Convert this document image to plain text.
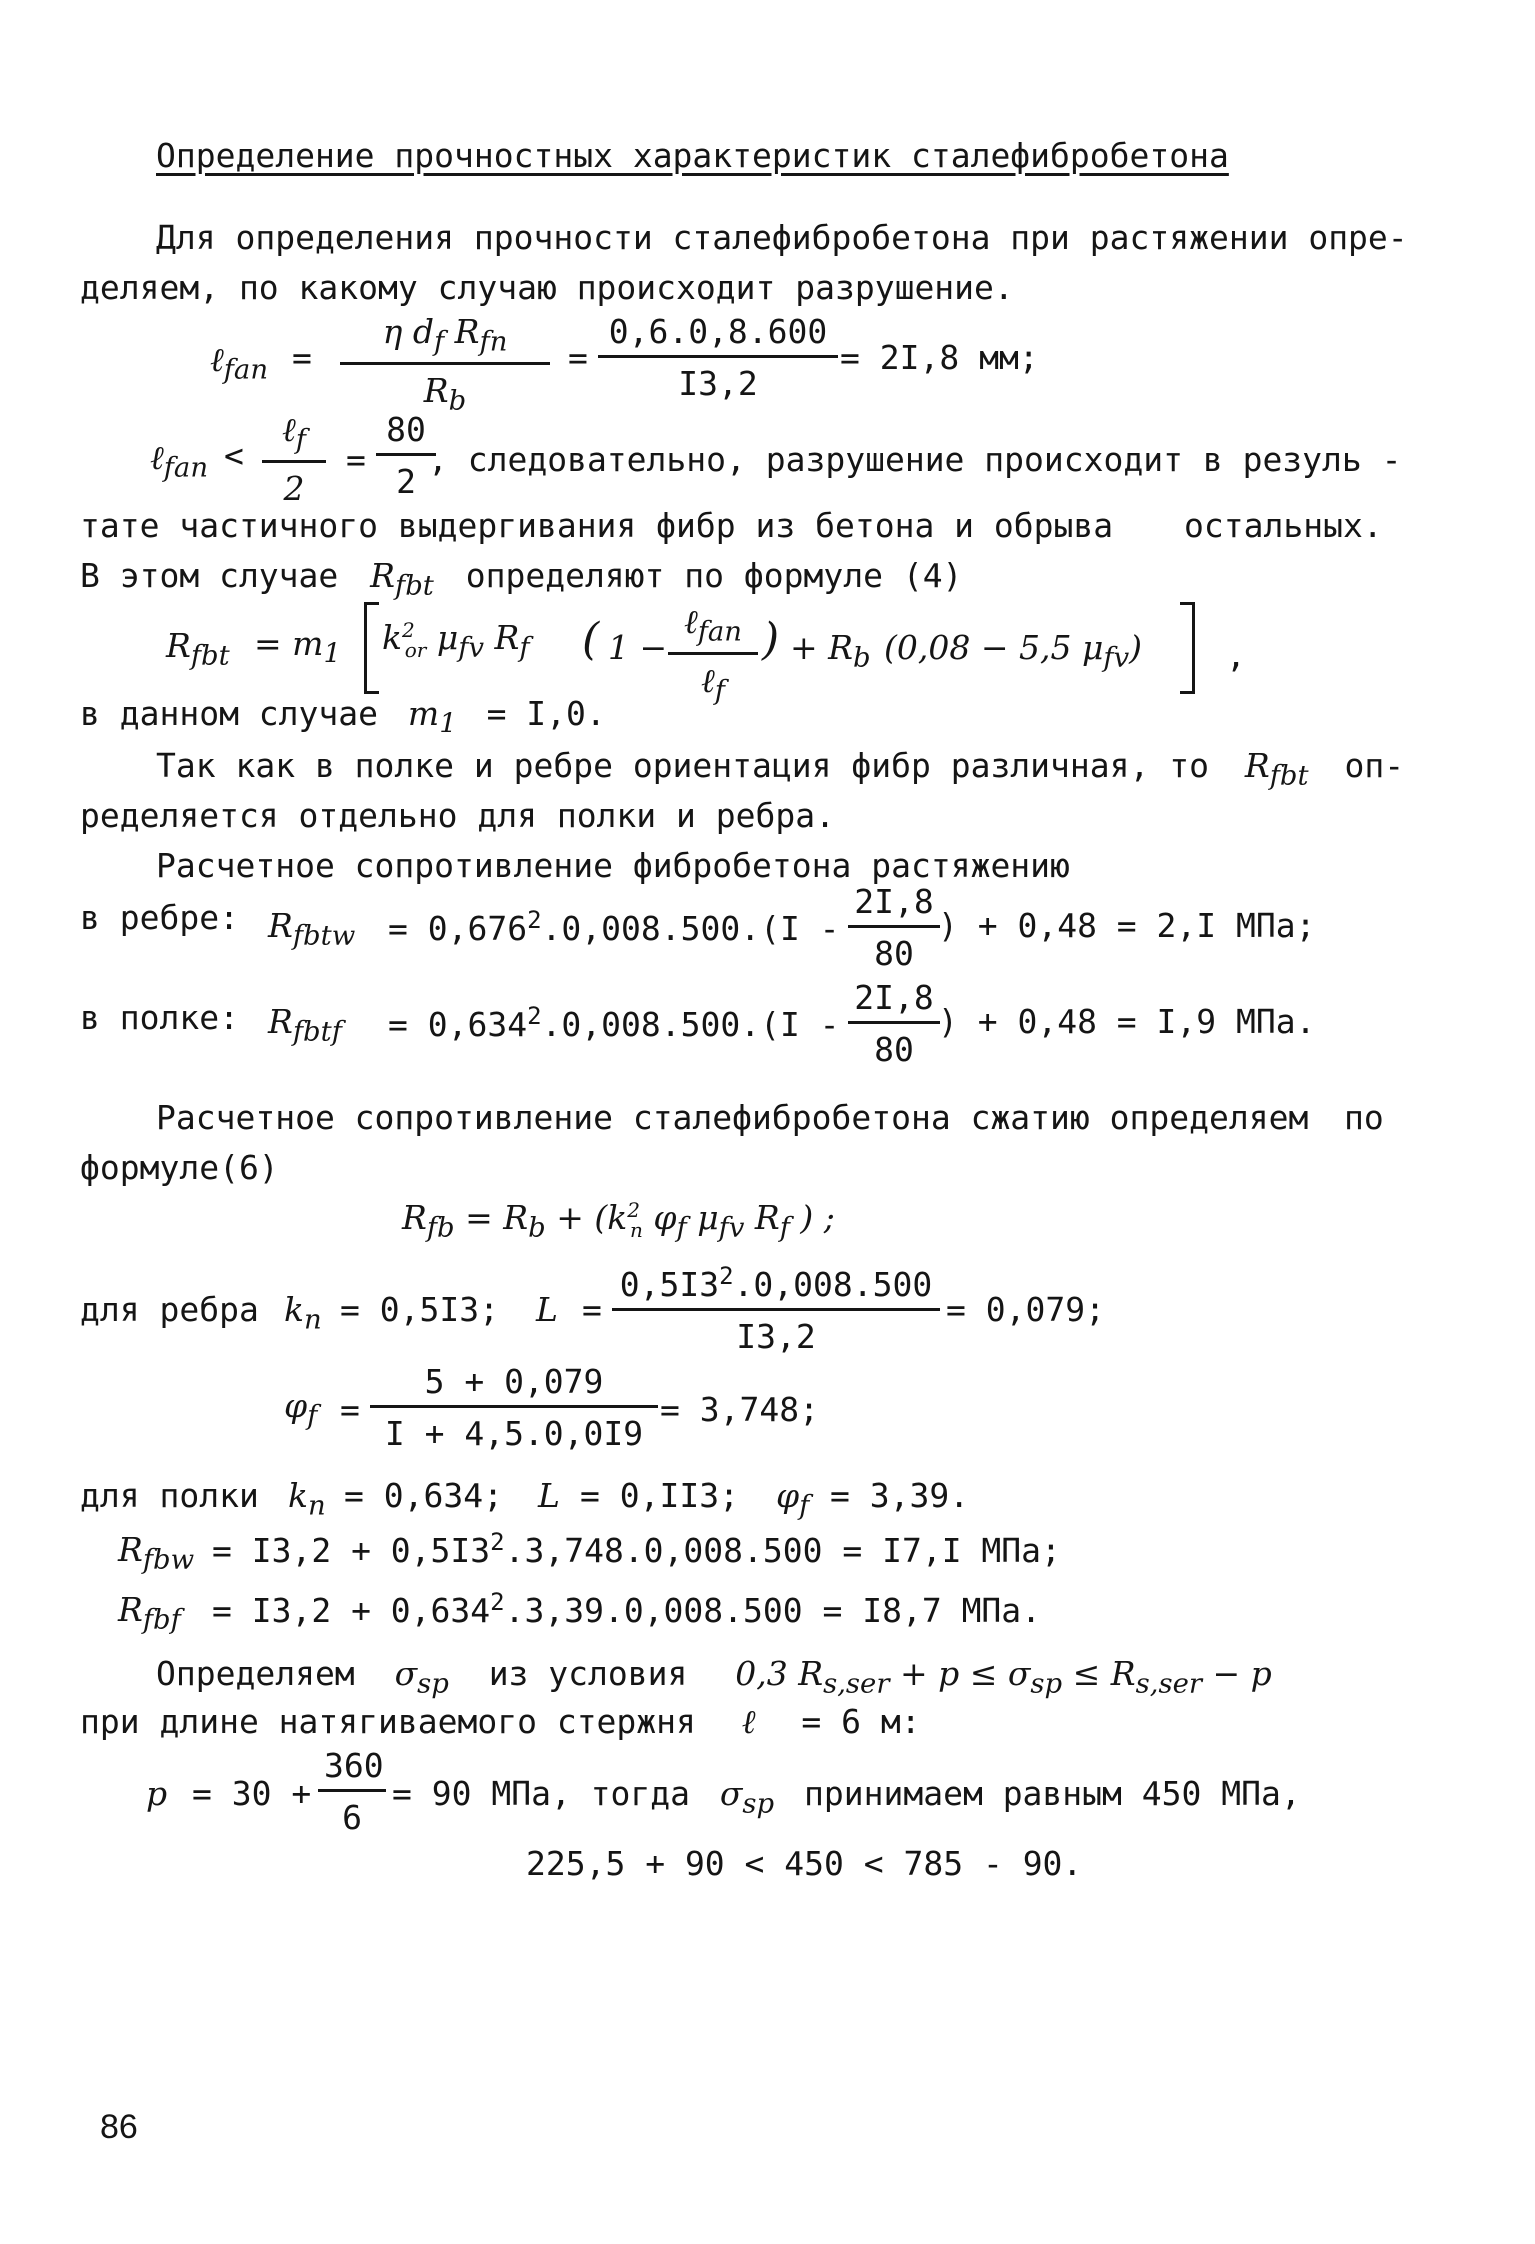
Определение прочностных характеристик сталефибробетона
Для определения прочности сталефибробетона при растяжении опре-
деляем, по какому случаю происходит разрушение.
ℓ$_{fan}$ =
η $d_f$ $R_{fn}$
$R_b$
= $\frac{0,6.0,8.600}{I3,2} = 2I,8$ мм;
ℓ$_{fan}$ <
ℓ$_f$
2
= $\frac{80}{2}$
, следовательно, разрушение происходит в резуль -
тате частичного выдергивания фибр из бетона и обрыва остальных.
В этом случае $R_{fbt}$ определяют по формуле (4)
$R_{fbt} = m_1$ $k^2_{or}$ $\mu_{fv}$ $R_f$ ( 1 −
ℓ$_{fan}$
ℓ$_f$
) + $R_b$ (0,08 − 5,5 $\mu_{fv}$)	,
в данном случае $m_1 = I,0$.
Так как в полке и ребре ориентация фибр различная, то $R_{fbt}$ оп-
ределяется отдельно для полки и ребра.
Расчетное сопротивление фибробетона растяжению
в ребре: $R_{fbtw} = 0,676^2.0,008.500.(I - \frac{2I,8}{80}$
) + 0,48 = 2,I МПа;
в полке: $R_{fbtf} = 0,634^2.0,008.500.(I - \frac{2I,8}{80}$
) + 0,48 = I,9 МПа.
Расчетное сопротивление сталефибробетона сжатию определяем по
формуле(6)
$R_{fb} = R_b + (k^2_n$ $\varphi_f$ $\mu_{fv}$ $R_f$ ) ;
для ребра $k_n = 0,5I3$; $L = \frac{0,5I3^2.0,008.500}{I3,2} = 0,079$;
$\varphi_f = \frac{5 + 0,079}{I + 4,5.0,0I9} = 3,748$;
для полки $k_n = 0,634$; L = 0,II3; $\varphi_f = 3,39$.
$R_{fbw} = I3,2 + 0,5I3^2.3,748.0,008.500 = I7,I$ МПа;
$R_{fbf} = I3,2 + 0,634^2.3,39.0,008.500 = I8,7$ МПа.
Определяем $\sigma_{sp}$ из условия 0,3 $R_{s,ser} + p \le \sigma_{sp} \le R_{s,ser} - p$
при длине натягиваемого стержня ℓ = 6 м:
$p = 30 + \frac{360}{6} = 90$ МПа, тогда $\sigma_{sp}$ принимаем равным 450 МПа,
225,5 + 90 < 450 < 785 - 90.
86
